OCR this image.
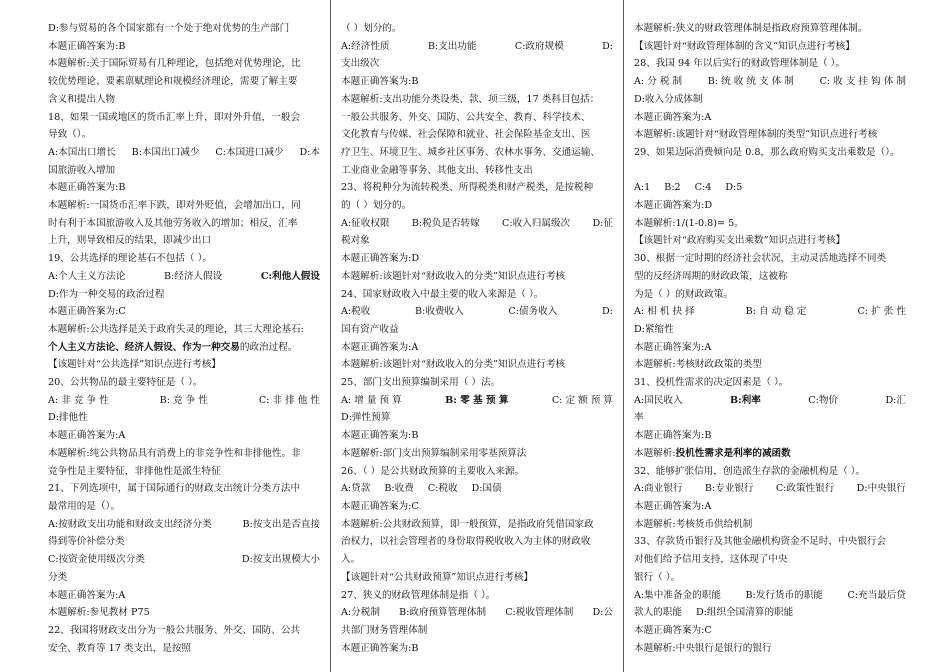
D:参与贸易的各个国家都有一个处于绝对优势的生产部门
本题正确答案为:B
本题解析:关于国际贸易有几种理论，包括绝对优势理论，比
较优势理论、要素禀赋理论和规模经济理论，需要了解主要
含义和提出人物
18、如果一国或地区的货币汇率上升，即对外升值，一般会
导致（）。
A:本国出口增长 B:本国出口减少 C:本国进口减少 D:本
国旅游收入增加
本题正确答案为:B
本题解析:一国货币汇率下跌，即对外贬值，会增加出口，同
时有利于本国旅游收入及其他劳务收入的增加；相反，汇率
上升，则导致相反的结果，即减少出口
19、公共选择的理论基石不包括（ ）。
A:个人主义方法论	B:经济人假设	C:利他人假设
D:作为一种交易的政治过程
本题正确答案为:C
本题解析:公共选择是关于政府失灵的理论，其三大理论基石:
个人主义方法论、经济人假设、作为一种交易的政治过程。
【该题针对“公共选择”知识点进行考核】
20、公共物品的最主要特征是（ ）。
A: 非 竞 争 性	B: 竞 争 性	C: 非 排 他 性
D:排他性
本题正确答案为:A
本题解析:纯公共物品具有消费上的非竞争性和非排他性。非
竞争性是主要特征，非排他性是派生特征
21、下列选项中，属于国际通行的财政支出统计分类方法中
最常用的是（）。
A:按财政支出功能和财政支出经济分类	B:按支出是否直接
得到等价补偿分类
C:按资金使用级次分类	D:按支出规模大小
分类
本题正确答案为:A
本题解析:参见教材 P75
22、我国将财政支出分为一般公共服务、外交、国防、公共
安全、教育等 17 类支出，是按照
（ ）划分的。
A:经济性质	B:支出功能	C:政府规模	D:
支出级次
本题正确答案为:B
本题解析:支出功能分类设类、款、项三级，17 类科目包括：
一般公共服务、外交、国防、公共安全、教育、科学技术、
文化教育与传媒、社会保障和就业、社会保险基金支出、医
疗卫生、环境卫生、城乡社区事务、农林水事务、交通运输、
工业商业金融等事务、其他支出、转移性支出
23、将税种分为流转税类、所得税类和财产税类，是按税种
的（ ）划分的。
A:征收权限 B:税负是否转嫁 C:收入归属级次 D:征
税对象
本题正确答案为:D
本题解析:该题针对“财政收入的分类”知识点进行考核
24、国家财政收入中最主要的收入来源是（ ）。
A:税收	B:收费收入	C:债务收入	D:
国有资产收益
本题正确答案为:A
本题解析:该题针对“财政收入的分类”知识点进行考核
25、部门支出预算编制采用（ ）法。
A: 增 量 预 算	B: 零 基 预 算	C: 定 额 预 算
D:弹性预算
本题正确答案为:B
本题解析:部门支出预算编制采用零基预算法
26、（ ）是公共财政预算的主要收入来源。
A:贷款 B:收费 C:税收 D:国债
本题正确答案为:C
本题解析:公共财政预算，即一般预算，是指政府凭借国家政
治权力，以社会管理者的身份取得税收收入为主体的财政收
入。
【该题针对“公共财政预算”知识点进行考核】
27、狭义的财政管理体制是指（ ）。
A:分税制 B:政府预算管理体制 C:税收管理体制 D:公
共部门财务管理体制
本题正确答案为:B
本题解析:狭义的财政管理体制是指政府预算管理体制。
【该题针对“财政管理体制的含义”知识点进行考核】
28、我国 94 年以后实行的财政管理体制是（ ）。
A: 分 税 制	B: 统 收 统 支 体 制	C: 收 支 挂 钩 体 制
D:收入分成体制
本题正确答案为:A
本题解析:该题针对“财政管理体制的类型”知识点进行考核
29、如果边际消费倾向是 0.8，那么政府购买支出乘数是（）。

A:1 B:2 C:4 D:5
本题正确答案为:D
本题解析:1/(1-0.8)= 5。
【该题针对“政府购买支出乘数”知识点进行考核】
30、根据一定时期的经济社会状况，主动灵活地选择不同类
型的反经济周期的财政政策，这被称
为是（ ）的财政政策。
A: 相 机 抉 择	B: 自 动 稳 定	C: 扩 张 性
D:紧缩性
本题正确答案为:A
本题解析:考核财政政策的类型
31、投机性需求的决定因素是（ ）。
A:国民收入	B:利率	C:物价	D:汇
率
本题正确答案为:B
本题解析:投机性需求是利率的减函数
32、能够扩张信用，创造派生存款的金融机构是（ ）。
A:商业银行 B:专业银行 C:政策性银行 D:中央银行
本题正确答案为:A
本题解析:考核货币供给机制
33、存款货币银行及其他金融机构资金不足时，中央银行会
对他们给予信用支持，这体现了中央
银行（ ）。
A:集中准备金的职能	B:发行货币的职能	C:充当最后贷
款人的职能 D:组织全国清算的职能
本题正确答案为:C
本题解析:中央银行是银行的银行
